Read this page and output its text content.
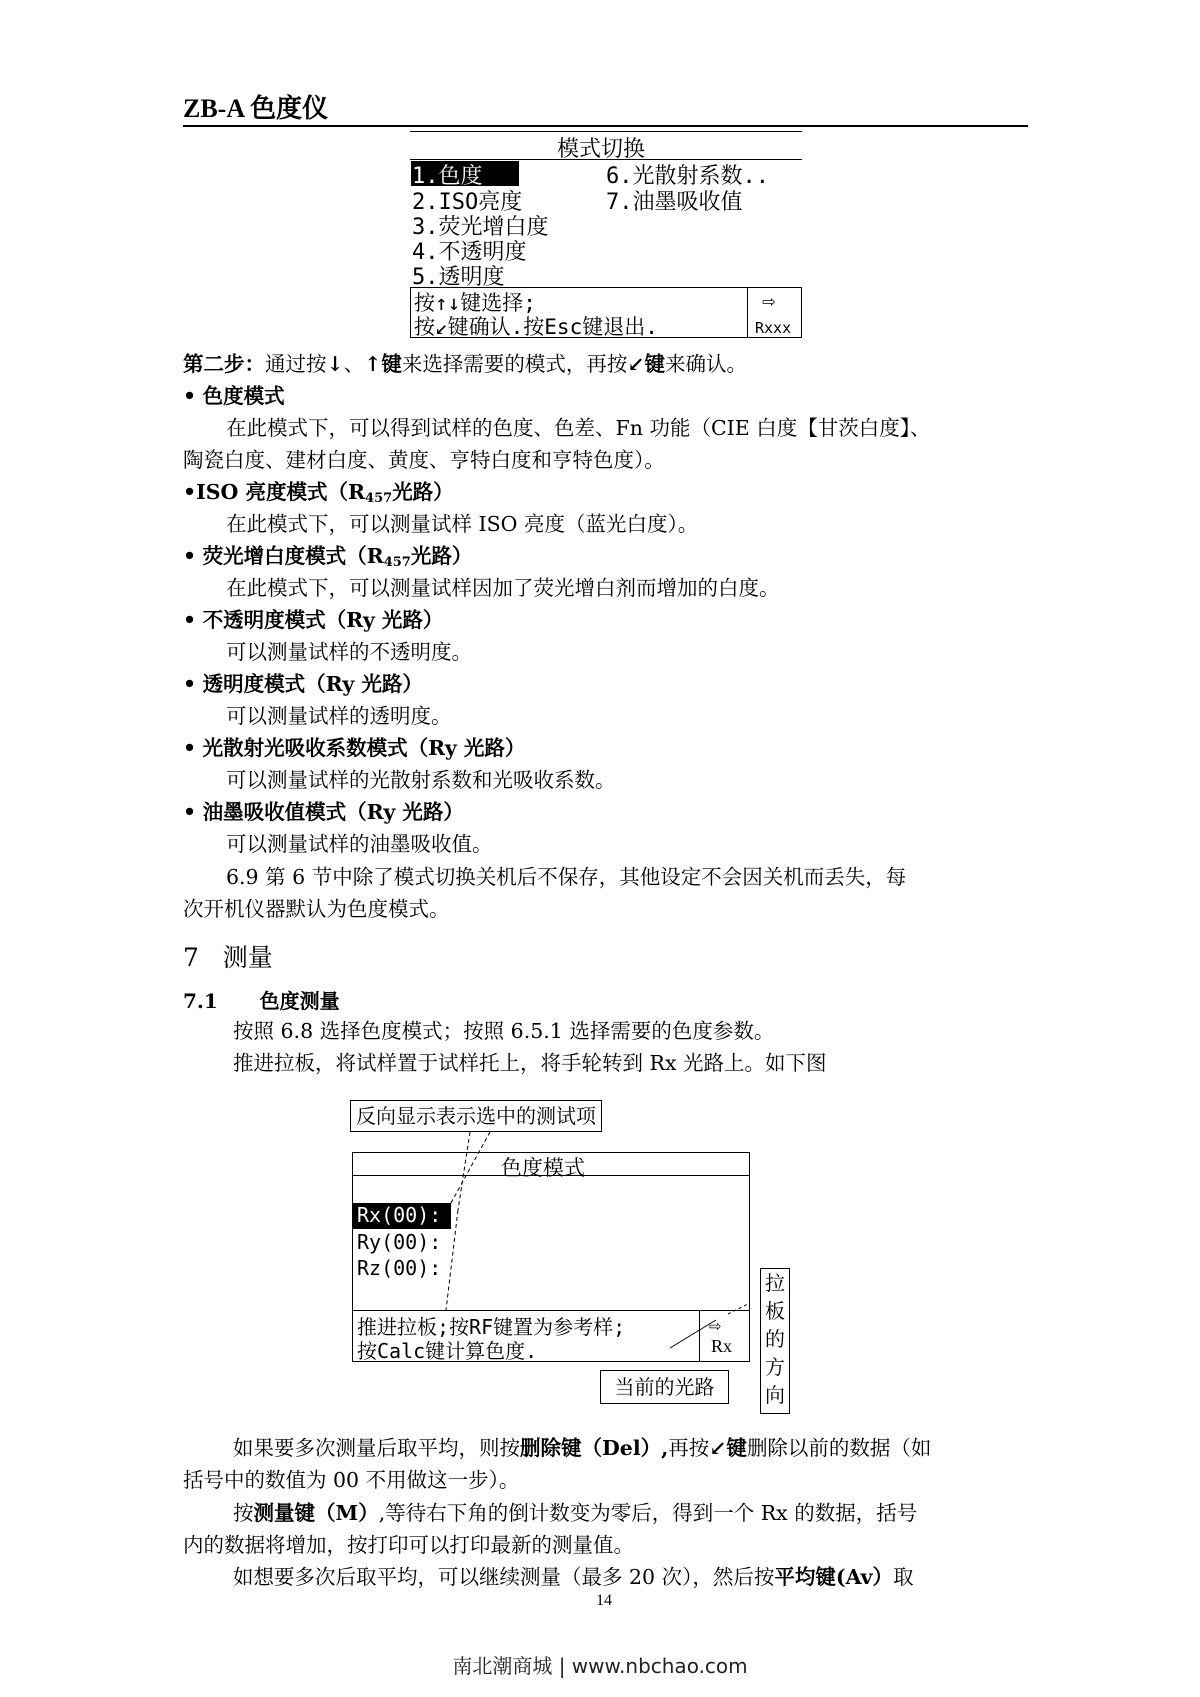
ZB-A 色度仪
模式切换
1.色度
2.ISO亮度
3.荧光增白度
4.不透明度
5.透明度
6.光散射系数..
7.油墨吸收值
按↑↓键选择;
按↙键确认.按Esc键退出.
⇨
Rxxx
第二步：通过按↓、↑键来选择需要的模式，再按↙键来确认。
• 色度模式
在此模式下，可以得到试样的色度、色差、Fn 功能（CIE 白度【甘茨白度】、
陶瓷白度、建材白度、黄度、亨特白度和亨特色度）。
•ISO 亮度模式（$R_{457}$光路）
在此模式下，可以测量试样 ISO 亮度（蓝光白度）。
• 荧光增白度模式（$R_{457}$光路）
在此模式下，可以测量试样因加了荧光增白剂而增加的白度。
• 不透明度模式（Ry 光路）
可以测量试样的不透明度。
• 透明度模式（Ry 光路）
可以测量试样的透明度。
• 光散射光吸收系数模式（Ry 光路）
可以测量试样的光散射系数和光吸收系数。
• 油墨吸收值模式（Ry 光路）
可以测量试样的油墨吸收值。
6.9 第 6 节中除了模式切换关机后不保存，其他设定不会因关机而丢失，每
次开机仪器默认为色度模式。
7 测量
7.1 色度测量
按照 6.8 选择色度模式；按照 6.5.1 选择需要的色度参数。
推进拉板，将试样置于试样托上，将手轮转到 Rx 光路上。如下图
反向显示表示选中的测试项
色度模式
Rx(00):
Ry(00):
Rz(00):
推进拉板;按RF键置为参考样;
按Calc键计算色度.
⇨
Rx
当前的光路
拉
板
的
方
向
如果要多次测量后取平均，则按删除键（Del）,再按↙键删除以前的数据（如
括号中的数值为 00 不用做这一步）。
按测量键（M）,等待右下角的倒计数变为零后，得到一个 Rx 的数据，括号
内的数据将增加，按打印可以打印最新的测量值。
如想要多次后取平均，可以继续测量（最多 20 次），然后按平均键(Av）取
14
南北潮商城 | www.nbchao.com
